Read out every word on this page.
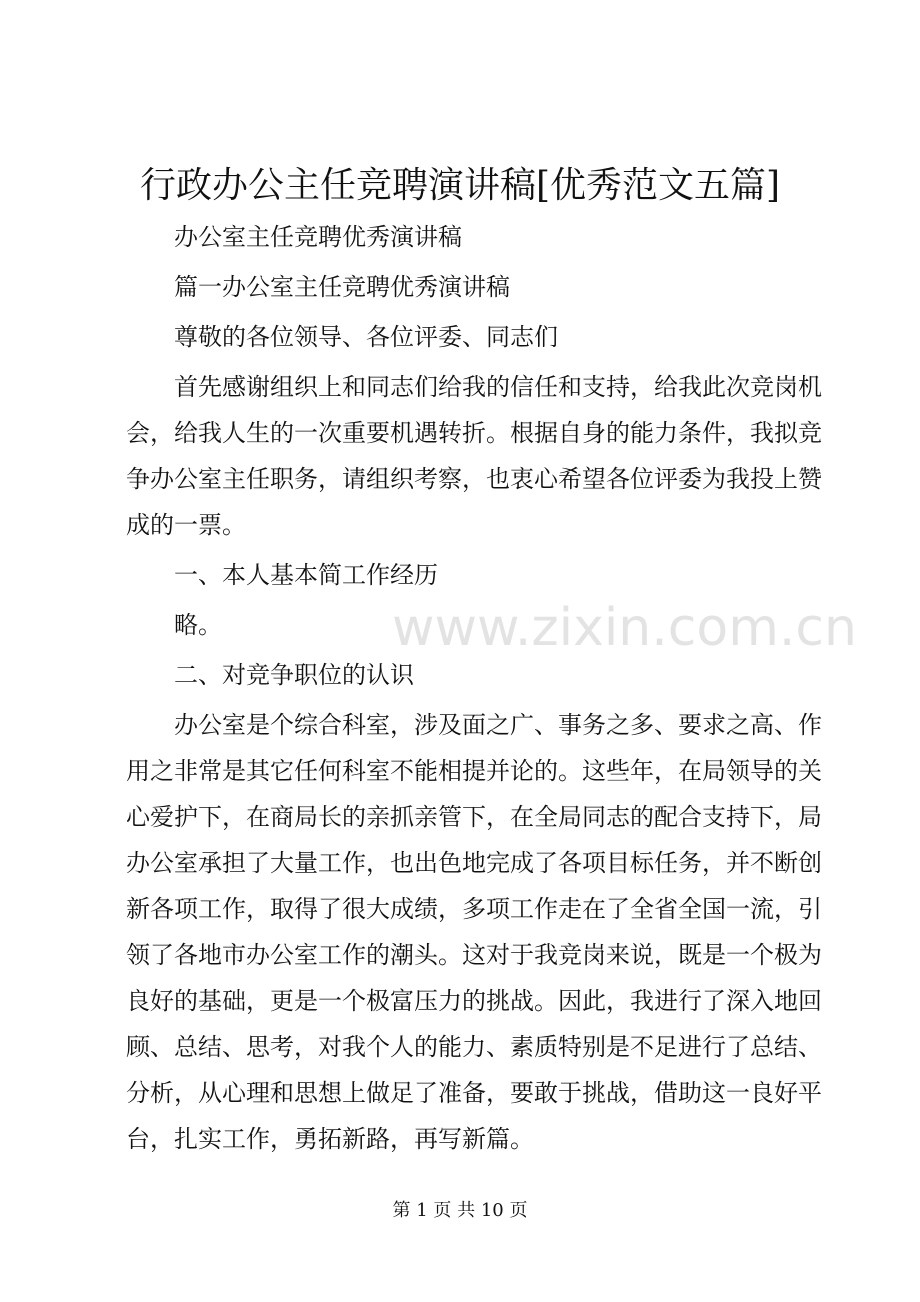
行政办公主任竞聘演讲稿[优秀范文五篇]

办公室主任竞聘优秀演讲稿

篇一办公室主任竞聘优秀演讲稿

尊敬的各位领导、各位评委、同志们

首先感谢组织上和同志们给我的信任和支持，给我此次竞岗机会，给我人生的一次重要机遇转折。根据自身的能力条件，我拟竞争办公室主任职务，请组织考察，也衷心希望各位评委为我投上赞成的一票。

一、本人基本简工作经历

略。

二、对竞争职位的认识

办公室是个综合科室，涉及面之广、事务之多、要求之高、作用之非常是其它任何科室不能相提并论的。这些年，在局领导的关心爱护下，在商局长的亲抓亲管下，在全局同志的配合支持下，局办公室承担了大量工作，也出色地完成了各项目标任务，并不断创新各项工作，取得了很大成绩，多项工作走在了全省全国一流，引领了各地市办公室工作的潮头。这对于我竞岗来说，既是一个极为良好的基础，更是一个极富压力的挑战。因此，我进行了深入地回顾、总结、思考，对我个人的能力、素质特别是不足进行了总结、分析，从心理和思想上做足了准备，要敢于挑战，借助这一良好平台，扎实工作，勇拓新路，再写新篇。

www.zixin.com.cn
第 1 页 共 10 页
